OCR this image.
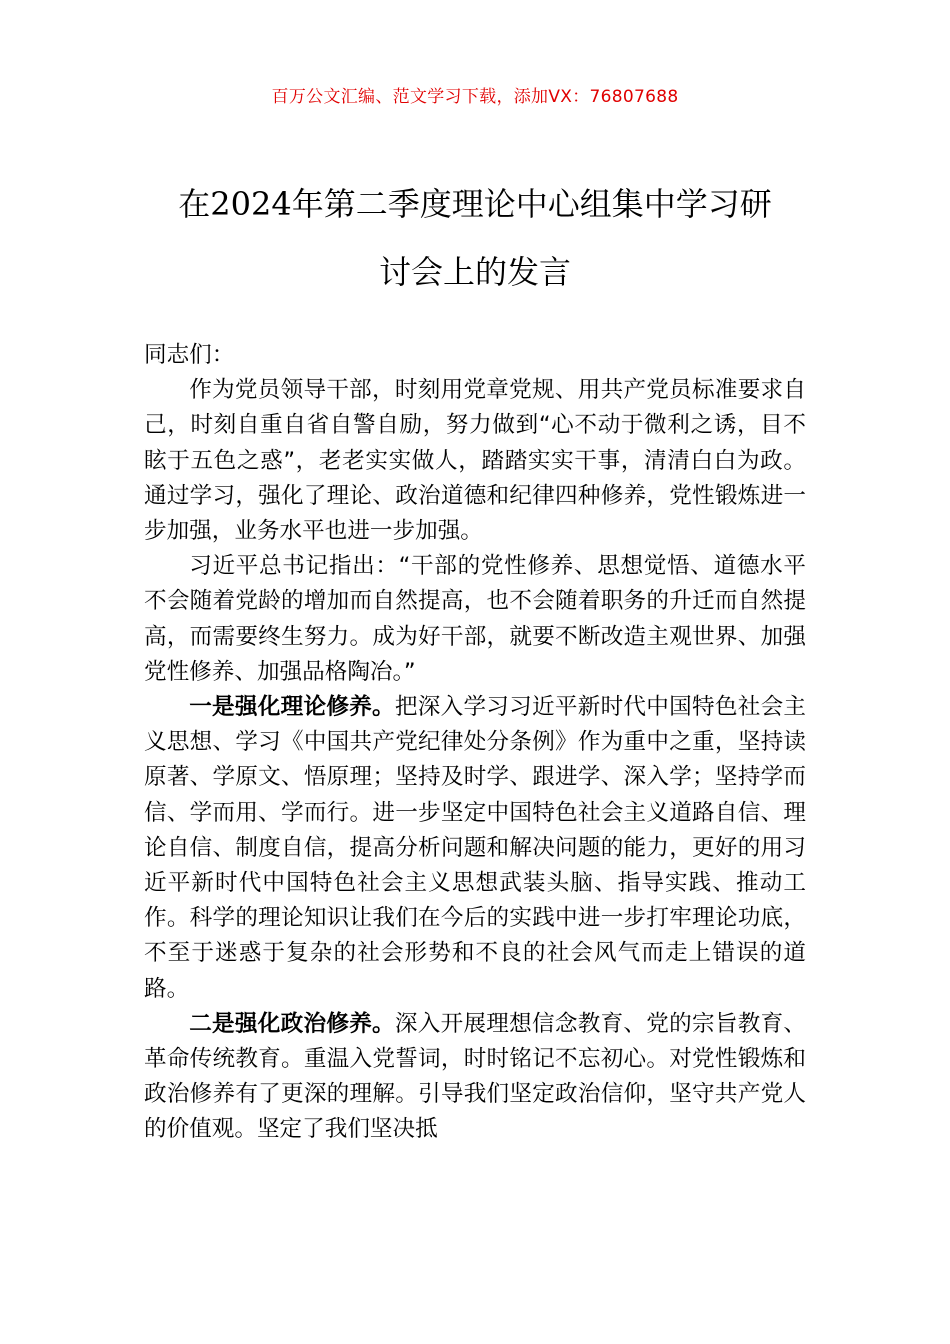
百万公文汇编、范文学习下载，添加VX：76807688
在2024年第二季度理论中心组集中学习研
讨会上的发言

同志们：

作为党员领导干部，时刻用党章党规、用共产党员标准要求自己，时刻自重自省自警自励，努力做到“心不动于微利之诱，目不眩于五色之惑”，老老实实做人，踏踏实实干事，清清白白为政。通过学习，强化了理论、政治道德和纪律四种修养，党性锻炼进一步加强，业务水平也进一步加强。

习近平总书记指出：“干部的党性修养、思想觉悟、道德水平不会随着党龄的增加而自然提高，也不会随着职务的升迁而自然提高，而需要终生努力。成为好干部，就要不断改造主观世界、加强党性修养、加强品格陶冶。”

一是强化理论修养。把深入学习习近平新时代中国特色社会主义思想、学习《中国共产党纪律处分条例》作为重中之重，坚持读原著、学原文、悟原理；坚持及时学、跟进学、深入学；坚持学而信、学而用、学而行。进一步坚定中国特色社会主义道路自信、理论自信、制度自信，提高分析问题和解决问题的能力，更好的用习近平新时代中国特色社会主义思想武装头脑、指导实践、推动工作。科学的理论知识让我们在今后的实践中进一步打牢理论功底，不至于迷惑于复杂的社会形势和不良的社会风气而走上错误的道路。

二是强化政治修养。深入开展理想信念教育、党的宗旨教育、革命传统教育。重温入党誓词，时时铭记不忘初心。对党性锻炼和政治修养有了更深的理解。引导我们坚定政治信仰，坚守共产党人的价值观。坚定了我们坚决抵
